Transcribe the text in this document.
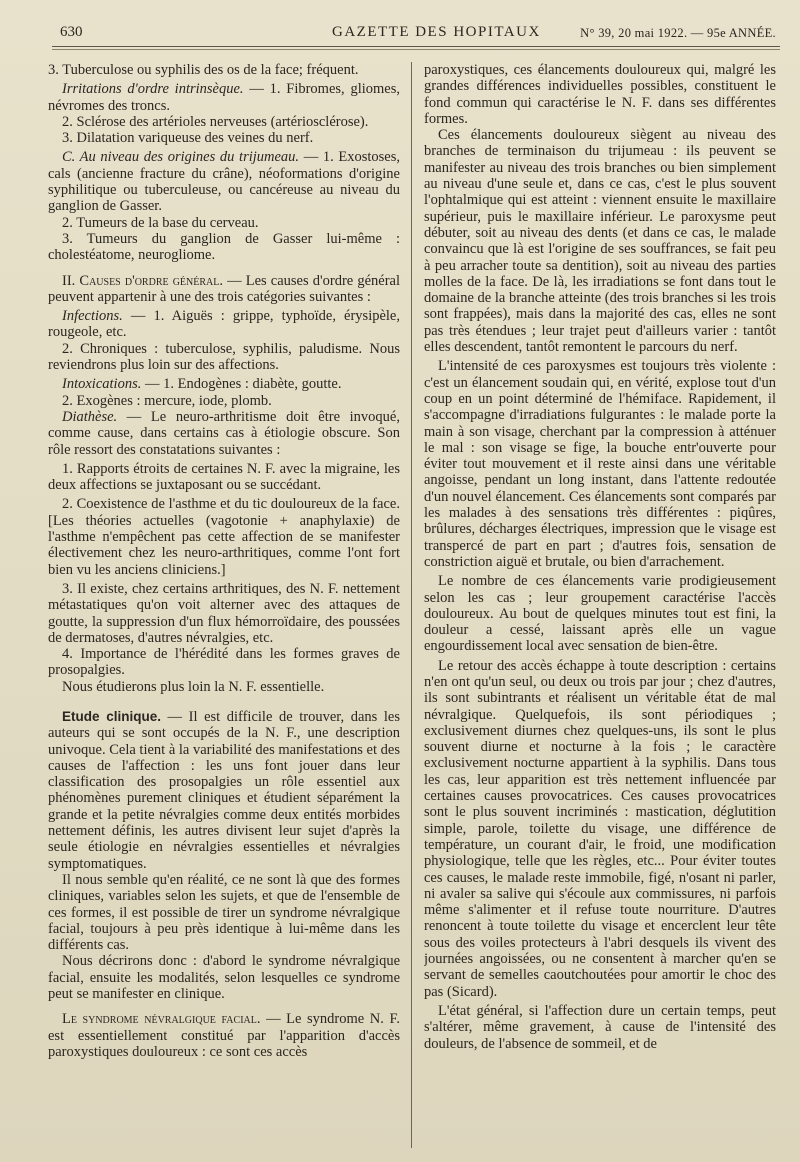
630	GAZETTE DES HOPITAUX	N° 39, 20 mai 1922. — 95e ANNÉE.

3. Tuberculose ou syphilis des os de la face; fréquent.

Irritations d'ordre intrinsèque. — 1. Fibromes, gliomes, névromes des troncs.

2. Sclérose des artérioles nerveuses (artériosclérose).

3. Dilatation variqueuse des veines du nerf.

C. Au niveau des origines du trijumeau. — 1. Exostoses, cals (ancienne fracture du crâne), néoformations d'origine syphilitique ou tuberculeuse, ou cancéreuse au niveau du ganglion de Gasser.

2. Tumeurs de la base du cerveau.

3. Tumeurs du ganglion de Gasser lui-même : cholestéatome, neurogliome.

II. Causes d'ordre général. — Les causes d'ordre général peuvent appartenir à une des trois catégories suivantes :

Infections. — 1. Aiguës : grippe, typhoïde, érysipèle, rougeole, etc.

2. Chroniques : tuberculose, syphilis, paludisme. Nous reviendrons plus loin sur des affections.

Intoxications. — 1. Endogènes : diabète, goutte.

2. Exogènes : mercure, iode, plomb.

Diathèse. — Le neuro-arthritisme doit être invoqué, comme cause, dans certains cas à étiologie obscure. Son rôle ressort des constatations suivantes :

1. Rapports étroits de certaines N. F. avec la migraine, les deux affections se juxtaposant ou se succédant.

2. Coexistence de l'asthme et du tic douloureux de la face. [Les théories actuelles (vagotonie + anaphylaxie) de l'asthme n'empêchent pas cette affection de se manifester électivement chez les neuro-arthritiques, comme l'ont fort bien vu les anciens cliniciens.]

3. Il existe, chez certains arthritiques, des N. F. nettement métastatiques qu'on voit alterner avec des attaques de goutte, la suppression d'un flux hémorroïdaire, des poussées de dermatoses, d'autres névralgies, etc.

4. Importance de l'hérédité dans les formes graves de prosopalgies.

Nous étudierons plus loin la N. F. essentielle.

Etude clinique. — Il est difficile de trouver, dans les auteurs qui se sont occupés de la N. F., une description univoque. Cela tient à la variabilité des manifestations et des causes de l'affection : les uns font jouer dans leur classification des prosopalgies un rôle essentiel aux phénomènes purement cliniques et étudient séparément la grande et la petite névralgies comme deux entités morbides nettement définis, les autres divisent leur sujet d'après la seule étiologie en névralgies essentielles et névralgies symptomatiques.

Il nous semble qu'en réalité, ce ne sont là que des formes cliniques, variables selon les sujets, et que de l'ensemble de ces formes, il est possible de tirer un syndrome névralgique facial, toujours à peu près identique à lui-même dans les différents cas.

Nous décrirons donc : d'abord le syndrome névralgique facial, ensuite les modalités, selon lesquelles ce syndrome peut se manifester en clinique.

Le syndrome névralgique facial. — Le syndrome N. F. est essentiellement constitué par l'apparition d'accès paroxystiques douloureux : ce sont ces accès

paroxystiques, ces élancements douloureux qui, malgré les grandes différences individuelles possibles, constituent le fond commun qui caractérise le N. F. dans ses différentes formes.

Ces élancements douloureux siègent au niveau des branches de terminaison du trijumeau : ils peuvent se manifester au niveau des trois branches ou bien simplement au niveau d'une seule et, dans ce cas, c'est le plus souvent l'ophtalmique qui est atteint : viennent ensuite le maxillaire supérieur, puis le maxillaire inférieur. Le paroxysme peut débuter, soit au niveau des dents (et dans ce cas, le malade convaincu que là est l'origine de ses souffrances, se fait peu à peu arracher toute sa dentition), soit au niveau des parties molles de la face. De là, les irradiations se font dans tout le domaine de la branche atteinte (des trois branches si les trois sont frappées), mais dans la majorité des cas, elles ne sont pas très étendues ; leur trajet peut d'ailleurs varier : tantôt elles descendent, tantôt remontent le parcours du nerf.

L'intensité de ces paroxysmes est toujours très violente : c'est un élancement soudain qui, en vérité, explose tout d'un coup en un point déterminé de l'hémiface. Rapidement, il s'accompagne d'irradiations fulgurantes : le malade porte la main à son visage, cherchant par la compression à atténuer le mal : son visage se fige, la bouche entr'ouverte pour éviter tout mouvement et il reste ainsi dans une véritable angoisse, pendant un long instant, dans l'attente redoutée d'un nouvel élancement. Ces élancements sont comparés par les malades à des sensations très différentes : piqûres, brûlures, décharges électriques, impression que le visage est transpercé de part en part ; d'autres fois, sensation de constriction aiguë et brutale, ou bien d'arrachement.

Le nombre de ces élancements varie prodigieusement selon les cas ; leur groupement caractérise l'accès douloureux. Au bout de quelques minutes tout est fini, la douleur a cessé, laissant après elle un vague engourdissement local avec sensation de bien-être.

Le retour des accès échappe à toute description : certains n'en ont qu'un seul, ou deux ou trois par jour ; chez d'autres, ils sont subintrants et réalisent un véritable état de mal névralgique. Quelquefois, ils sont périodiques ; exclusivement diurnes chez quelques-uns, ils sont le plus souvent diurne et nocturne à la fois ; le caractère exclusivement nocturne appartient à la syphilis. Dans tous les cas, leur apparition est très nettement influencée par certaines causes provocatrices. Ces causes provocatrices sont le plus souvent incriminés : mastication, déglutition simple, parole, toilette du visage, une différence de température, un courant d'air, le froid, une modification physiologique, telle que les règles, etc... Pour éviter toutes ces causes, le malade reste immobile, figé, n'osant ni parler, ni avaler sa salive qui s'écoule aux commissures, ni parfois même s'alimenter et il refuse toute nourriture. D'autres renoncent à toute toilette du visage et encerclent leur tête sous des voiles protecteurs à l'abri desquels ils vivent des journées angoissées, ou ne consentent à marcher qu'en se servant de semelles caoutchoutées pour amortir le choc des pas (Sicard).

L'état général, si l'affection dure un certain temps, peut s'altérer, même gravement, à cause de l'intensité des douleurs, de l'absence de sommeil, et de
